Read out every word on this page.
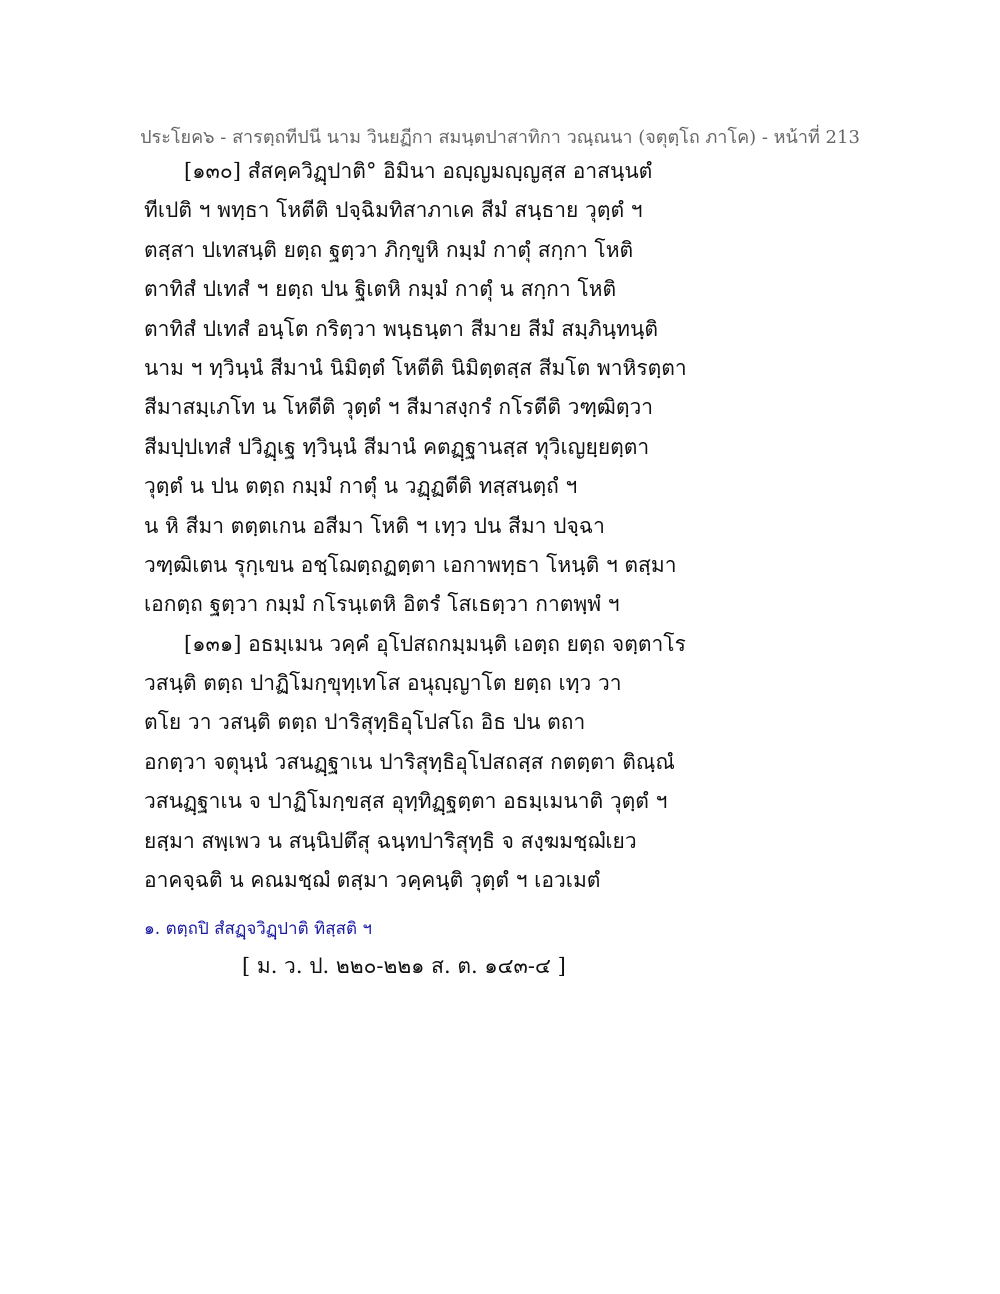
ประโยค๖ - สารตฺถทีปนี นาม วินยฏีกา สมนฺตปาสาทิกา วณฺณนา (จตุตฺโถ ภาโค) - หน้าที่ 213
[๑๓๐] สํสคฺควิฏฺปาติ° อิมินา อญฺญมญฺญสฺส อาสนฺนตํ
ทีเปติ ฯ พทฺธา โหตีติ ปจฺฉิมทิสาภาเค สีมํ สนฺธาย วุตฺตํ ฯ
ตสฺสา ปเทสนฺติ ยตฺถ ฐตฺวา ภิกฺขูหิ กมฺมํ กาตุํ สกฺกา โหติ
ตาทิสํ ปเทสํ ฯ ยตฺถ ปน ฐิเตหิ กมฺมํ กาตุํ น สกฺกา โหติ
ตาทิสํ ปเทสํ อนฺโต กริตฺวา พนฺธนฺตา สีมาย สีมํ สมฺภินฺทนฺติ
นาม ฯ ทฺวินฺนํ สีมานํ นิมิตฺตํ โหตีติ นิมิตฺตสฺส สีมโต พาหิรตฺตา
สีมาสมฺเภโท น โหตีติ วุตฺตํ ฯ สีมาสงฺกรํ กโรตีติ วฑฺฒิตฺวา
สีมปฺปเทสํ ปวิฏฺเฐ ทฺวินฺนํ สีมานํ คตฏฺฐานสฺส ทุวิเญยฺยตฺตา
วุตฺตํ น ปน ตตฺถ กมฺมํ กาตุํ น วฏฺฏตีติ ทสฺสนตฺถํ ฯ
น หิ สีมา ตตฺตเกน อสีมา โหติ ฯ เทฺว ปน สีมา ปจฺฉา
วฑฺฒิเตน รุกฺเขน อชฺโฌตฺถฏตฺตา เอกาพทฺธา โหนฺติ ฯ ตสฺมา
เอกตฺถ ฐตฺวา กมฺมํ กโรนฺเตหิ อิตรํ โสเธตฺวา กาตพฺพํ ฯ
[๑๓๑] อธมฺเมน วคฺคํ อุโปสถกมฺมนฺติ เอตฺถ ยตฺถ จตฺตาโร
วสนฺติ ตตฺถ ปาฏิโมกฺขุทฺเทโส อนุญฺญาโต ยตฺถ เทฺว วา
ตโย วา วสนฺติ ตตฺถ ปาริสุทฺธิอุโปสโถ อิธ ปน ตถา
อกตฺวา จตุนฺนํ วสนฏฺฐาเน ปาริสุทฺธิอุโปสถสฺส กตตฺตา ติณฺณํ
วสนฏฺฐาเน จ ปาฏิโมกฺขสฺส อุทฺทิฏฺฐตฺตา อธมฺเมนาติ วุตฺตํ ฯ
ยสฺมา สพฺเพว น สนฺนิปตึสุ ฉนฺทปาริสุทฺธิ จ สงฺฆมชฺฌํเยว
อาคจฺฉติ น คณมชฺฌํ ตสฺมา วคฺคนฺติ วุตฺตํ ฯ เอวเมตํ
๑. ตตฺถปิ สํสฏฺจวิฏฺปาติ ทิสฺสติ ฯ
[ ม. ว. ป. ๒๒๐-๒๒๑ ส. ต. ๑๔๓-๔ ]
